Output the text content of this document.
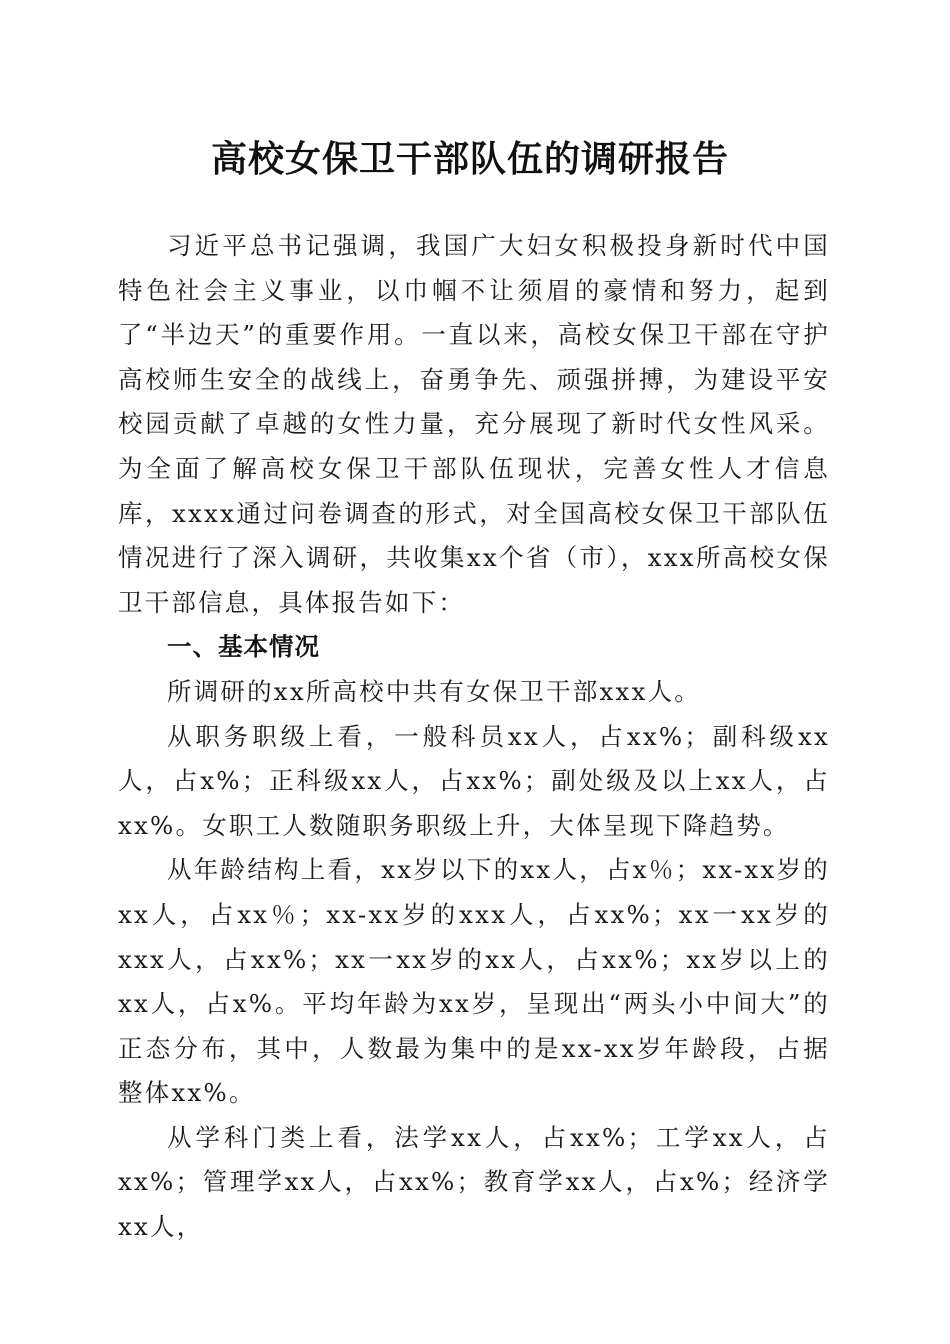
高校女保卫干部队伍的调研报告

习近平总书记强调，我国广大妇女积极投身新时代中国特色社会主义事业，以巾帼不让须眉的豪情和努力，起到了“半边天”的重要作用。一直以来，高校女保卫干部在守护高校师生安全的战线上，奋勇争先、顽强拼搏，为建设平安校园贡献了卓越的女性力量，充分展现了新时代女性风采。为全面了解高校女保卫干部队伍现状，完善女性人才信息库，xxxx通过问卷调查的形式，对全国高校女保卫干部队伍情况进行了深入调研，共收集xx个省（市），xxx所高校女保卫干部信息，具体报告如下：

一、基本情况

所调研的xx所高校中共有女保卫干部xxx人。

从职务职级上看，一般科员xx人，占xx%；副科级xx人，占x%；正科级xx人，占xx%；副处级及以上xx人，占xx%。女职工人数随职务职级上升，大体呈现下降趋势。

从年龄结构上看，xx岁以下的xx人，占x％；xx-xx岁的xx人，占xx％；xx-xx岁的xxx人，占xx%；xx一xx岁的xxx人，占xx%；xx一xx岁的xx人，占xx%；xx岁以上的xx人，占x%。平均年龄为xx岁，呈现出“两头小中间大”的正态分布，其中，人数最为集中的是xx-xx岁年龄段，占据整体xx%。

从学科门类上看，法学xx人，占xx%；工学xx人，占xx%；管理学xx人，占xx%；教育学xx人，占x%；经济学xx人，
